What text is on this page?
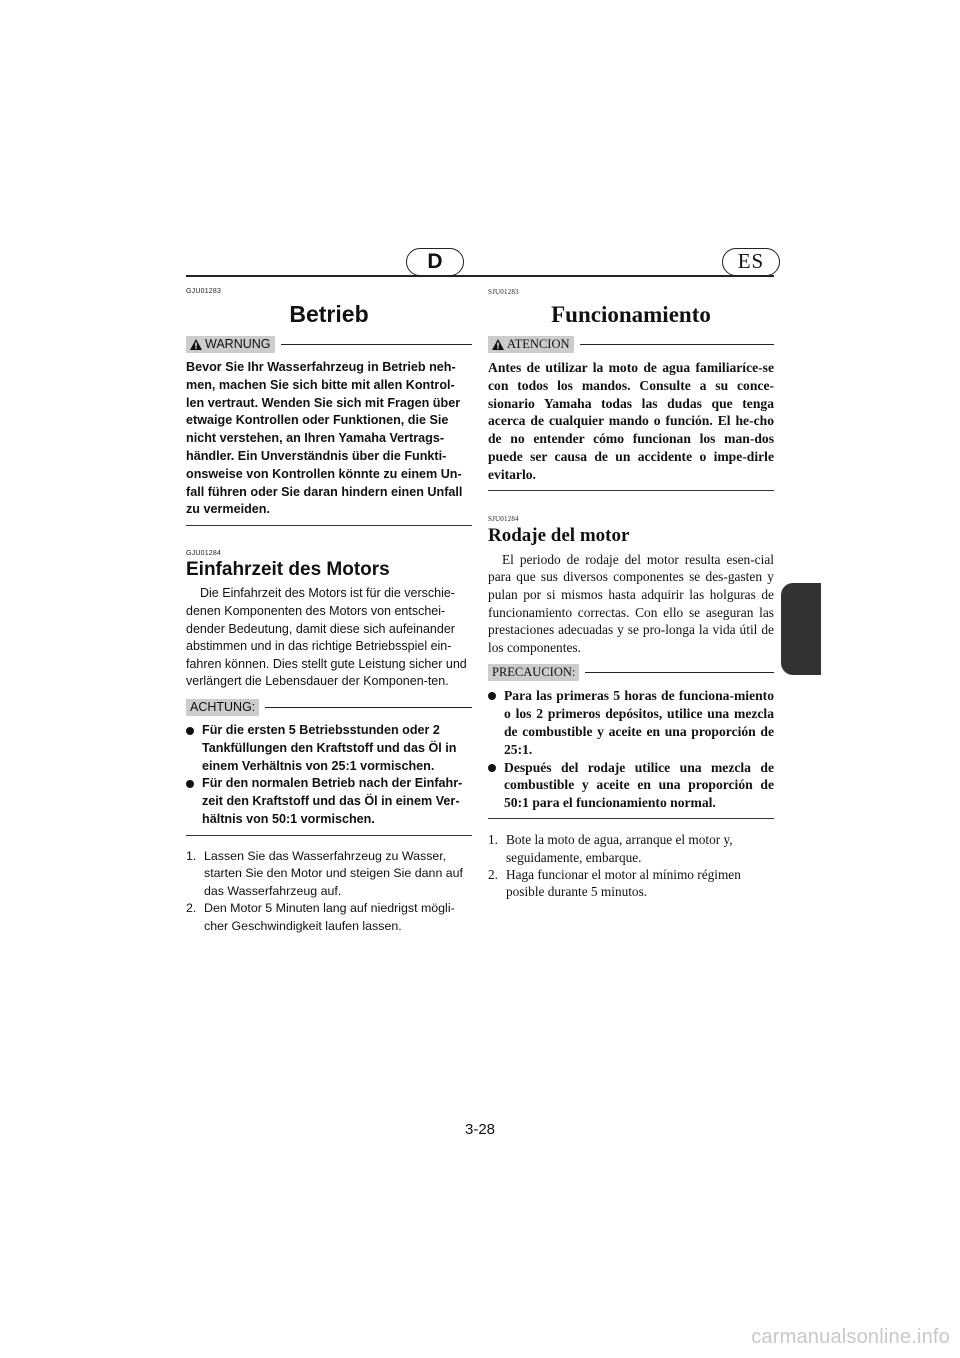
D	ES

GJU01283

Betrieb
WARNUNG

Bevor Sie Ihr Wasserfahrzeug in Betrieb neh-men, machen Sie sich bitte mit allen Kontrol-len vertraut. Wenden Sie sich mit Fragen über etwaige Kontrollen oder Funktionen, die Sie nicht verstehen, an Ihren Yamaha Vertrags-händler. Ein Unverständnis über die Funkti-onsweise von Kontrollen könnte zu einem Un-fall führen oder Sie daran hindern einen Unfall zu vermeiden.

GJU01284

Einfahrzeit des Motors

Die Einfahrzeit des Motors ist für die verschie-denen Komponenten des Motors von entschei-dender Bedeutung, damit diese sich aufeinander abstimmen und in das richtige Betriebsspiel ein-fahren können. Dies stellt gute Leistung sicher und verlängert die Lebensdauer der Komponen-ten.

ACHTUNG:
Für die ersten 5 Betriebsstunden oder 2 Tankfüllungen den Kraftstoff und das Öl in einem Verhältnis von 25:1 vormischen.
Für den normalen Betrieb nach der Einfahr-zeit den Kraftstoff und das Öl in einem Ver-hältnis von 50:1 vormischen.
1. Lassen Sie das Wasserfahrzeug zu Wasser, starten Sie den Motor und steigen Sie dann auf das Wasserfahrzeug auf.
2. Den Motor 5 Minuten lang auf niedrigst mögli-cher Geschwindigkeit laufen lassen.

SJU01283

Funcionamiento
ATENCION

Antes de utilizar la moto de agua familiaríce-se con todos los mandos. Consulte a su conce-sionario Yamaha todas las dudas que tenga acerca de cualquier mando o función. El he-cho de no entender cómo funcionan los man-dos puede ser causa de un accidente o impe-dirle evitarlo.

SJU01284

Rodaje del motor

El periodo de rodaje del motor resulta esen-cial para que sus diversos componentes se des-gasten y pulan por si mismos hasta adquirir las holguras de funcionamiento correctas. Con ello se aseguran las prestaciones adecuadas y se pro-longa la vida útil de los componentes.

PRECAUCION:
Para las primeras 5 horas de funciona-miento o los 2 primeros depósitos, utilice una mezcla de combustible y aceite en una proporción de 25:1.
Después del rodaje utilice una mezcla de combustible y aceite en una proporción de 50:1 para el funcionamiento normal.
1. Bote la moto de agua, arranque el motor y, seguidamente, embarque.
2. Haga funcionar el motor al mínimo régimen posible durante 5 minutos.
3-28
carmanualsonline.info
